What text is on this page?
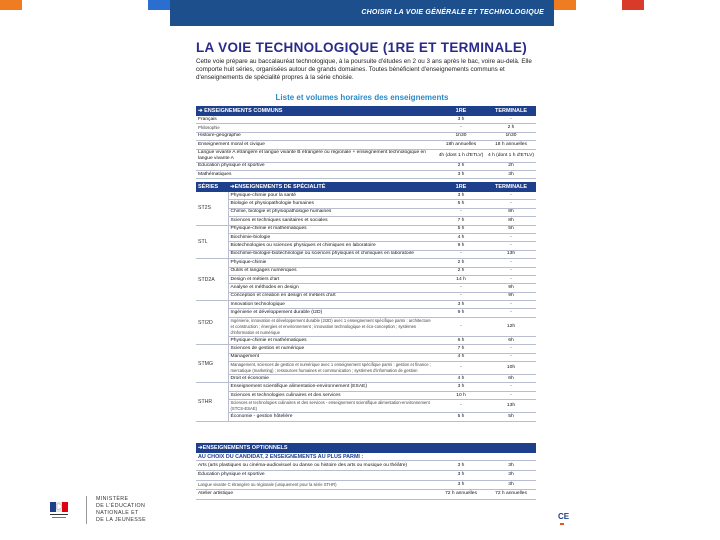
CHOISIR LA VOIE GÉNÉRALE ET TECHNOLOGIQUE
LA VOIE TECHNOLOGIQUE (1RE ET TERMINALE)
Cette voie prépare au baccalauréat technologique, à la poursuite d'études en 2 ou 3 ans après le bac, voire au-delà. Elle comporte huit séries, organisées autour de grands domaines. Toutes bénéficient d'enseignements communs et d'enseignements de spécialité propres à la série choisie.
Liste et volumes horaires des enseignements
➔ ENSEIGNEMENTS COMMUNS	1RE	TERMINALE
Français	3 h	-
Philosophie	-	2 h
Histoire-géographie	1h30	1h30
Enseignement moral et civique	18h annuelles	18 h annuelles
Langue vivante A étrangère et langue vivante B étrangère ou régionale + enseignement technologique en langue vivante A	4h (dont 1 h d'ETLV)	4 h (dont 1 h d'ETLV)
Éducation physique et sportive	2 h	2h
Mathématiques	3 h	3h
SÉRIES	➔ENSEIGNEMENTS DE SPÉCIALITÉ	1RE	TERMINALE
ST2S	Physique-chimie pour la santé	3 h	-
	Biologie et physiopathologie humaines	5 h	-
	Chimie, biologie et physiopathologie humaines	-	8h
	Sciences et techniques sanitaires et sociales	7 h	8h
STL	Physique-chimie et mathématiques	5 h	5h
	Biochimie-biologie	4 h	-
	Biotechnologies ou sciences physiques et chimiques en laboratoire	9 h	-
	Biochimie-biologie-biotechnologie ou sciences physiques et chimiques en laboratoire	-	13h
STD2A	Physique-chimie	2 h	-
	Outils et langages numériques	2 h	-
	Design et métiers d'art	14 h	-
	Analyse et méthodes en design	-	9h
	Conception et création en design et métiers d'art	-	9h
STI2D	Innovation technologique	3 h	-
	Ingénierie et développement durable (I2D)	9 h	-
	Ingénierie, innovation et développement durable (2I2D) avec 1 enseignement spécifique parmi : architecture et construction ; énergies et environnement ; innovation technologique et éco-conception ; systèmes d'information et numérique	-	12h
	Physique-chimie et mathématiques	6 h	6h
STMG	Sciences de gestion et numérique	7 h	-
	Management	4 h	-
	Management, sciences de gestion et numérique avec 1 enseignement spécifique parmi : gestion et finance ; mercatique (marketing) ; ressources humaines et communication ; systèmes d'information de gestion	-	10h
	Droit et économie	4 h	6h
STHR	Enseignement scientifique alimentation-environnement (ESAE)	3 h	-
	Sciences et technologies culinaires et des services	10 h	-
	Sciences et technologies culinaires et des services - enseignement scientifique alimentation-environnement (STCS-ESAE)	-	13h
	Économie - gestion hôtelière	5 h	5h
➔ENSEIGNEMENTS OPTIONNELS		
AU CHOIX DU CANDIDAT, 2 ENSEIGNEMENTS AU PLUS PARMI :		
Arts (arts plastiques ou cinéma-audiovisuel ou danse ou histoire des arts ou musique ou théâtre)	3 h	3h
Éducation physique et sportive	3 h	3h
Langue vivante C étrangère ou régionale (uniquement pour la série STHR)	3 h	3h
Atelier artistique	72 h annuelles	72 h annuelles
MINISTÈRE
DE L'ÉDUCATION
NATIONALE ET
DE LA JEUNESSE	CE
